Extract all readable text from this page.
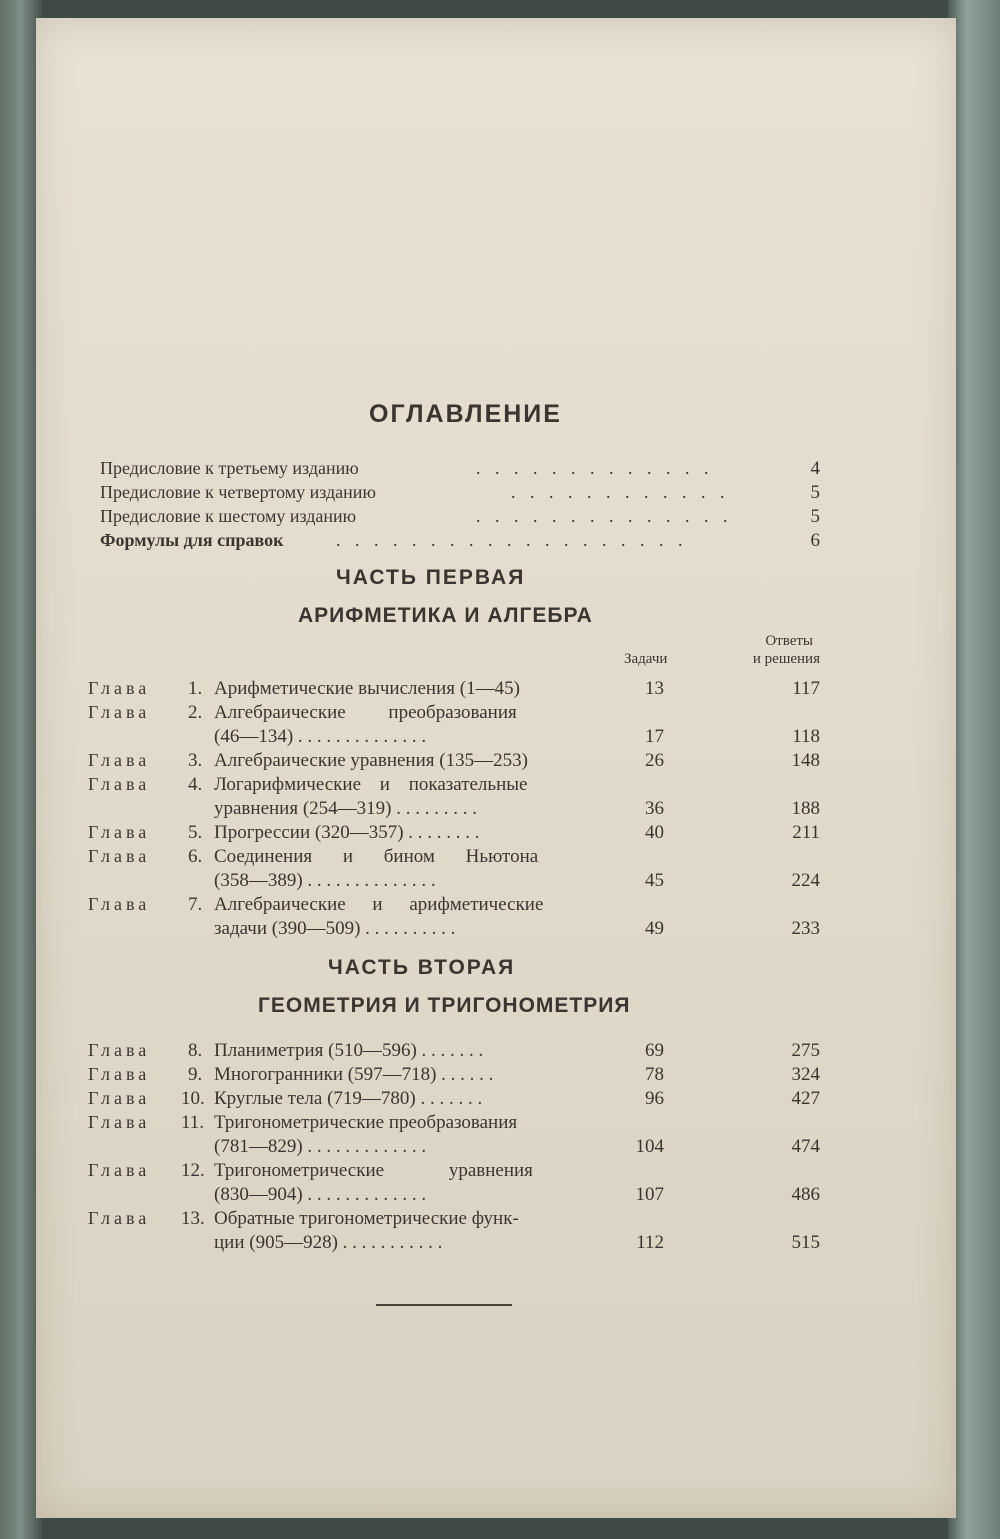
ОГЛАВЛЕНИЕ
Предисловие к третьему изданию	. . . . . . . . . . . . .	4
Предисловие к четвертому изданию	. . . . . . . . . . . .	5
Предисловие к шестому изданию	. . . . . . . . . . . . . .	5
Формулы для справок	. . . . . . . . . . . . . . . . . . .	6
ЧАСТЬ ПЕРВАЯ
АРИФМЕТИКА И АЛГЕБРА
Задачи
Ответы
и решения
Глава 1. Арифметические вычисления (1—45)	13	117
Глава 2. Алгебраические преобразования
(46—134) . . . . . . . . . . . . . .	17	118
Глава 3. Алгебраические уравнения (135—253)	26	148
Глава 4. Логарифмические и показательные
уравнения (254—319) . . . . . . . . .	36	188
Глава 5. Прогрессии (320—357) . . . . . . . .	40	211
Глава 6. Соединения и бином Ньютона
(358—389) . . . . . . . . . . . . . .	45	224
Глава 7. Алгебраические и арифметические
задачи (390—509) . . . . . . . . . .	49	233
ЧАСТЬ ВТОРАЯ
ГЕОМЕТРИЯ И ТРИГОНОМЕТРИЯ
Глава 8. Планиметрия (510—596) . . . . . . .	69	275
Глава 9. Многогранники (597—718) . . . . . .	78	324
Глава 10. Круглые тела (719—780) . . . . . . .	96	427
Глава 11. Тригонометрические преобразования
(781—829) . . . . . . . . . . . . .	104	474
Глава 12. Тригонометрические уравнения
(830—904) . . . . . . . . . . . . .	107	486
Глава 13. Обратные тригонометрические функ-
ции (905—928) . . . . . . . . . . .	112	515
